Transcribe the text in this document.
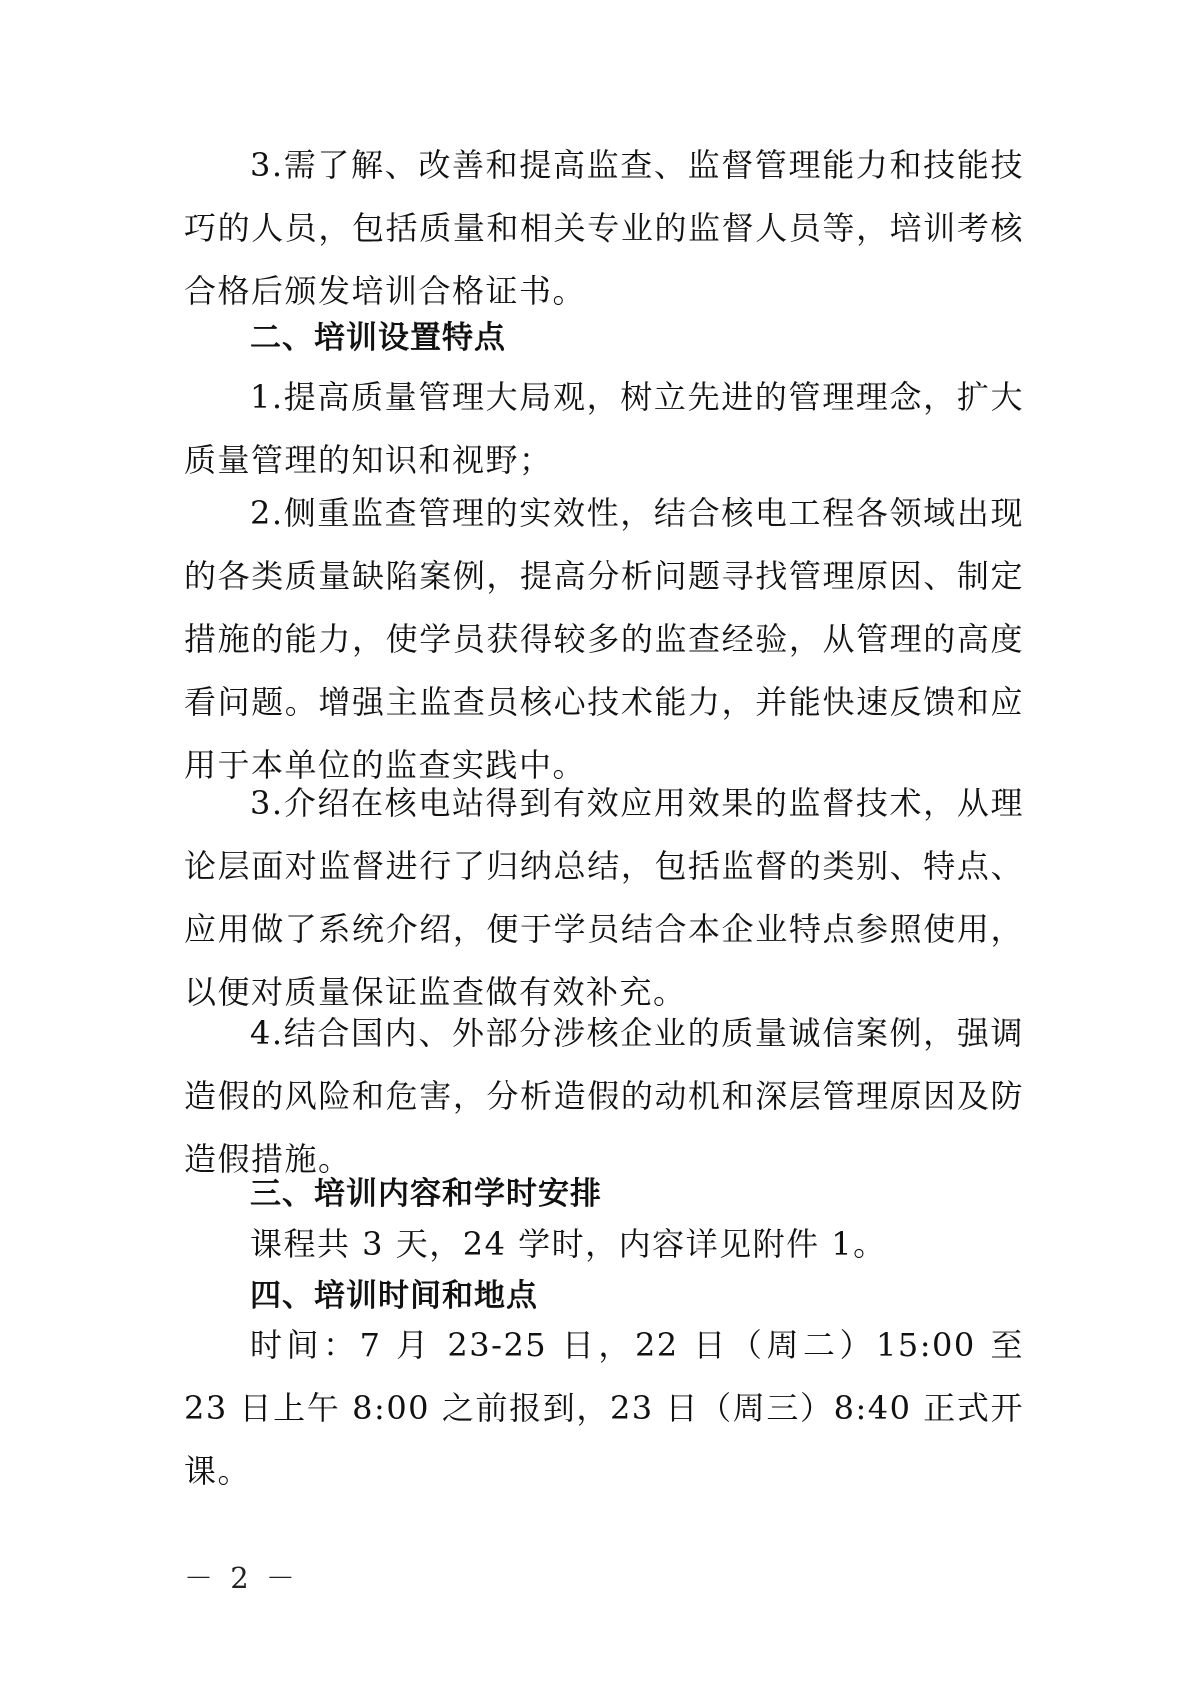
3.需了解、改善和提高监查、监督管理能力和技能技巧的人员，包括质量和相关专业的监督人员等，培训考核合格后颁发培训合格证书。

二、培训设置特点

1.提高质量管理大局观，树立先进的管理理念，扩大质量管理的知识和视野；

2.侧重监查管理的实效性，结合核电工程各领域出现的各类质量缺陷案例，提高分析问题寻找管理原因、制定措施的能力，使学员获得较多的监查经验，从管理的高度看问题。增强主监查员核心技术能力，并能快速反馈和应用于本单位的监查实践中。

3.介绍在核电站得到有效应用效果的监督技术，从理论层面对监督进行了归纳总结，包括监督的类别、特点、应用做了系统介绍，便于学员结合本企业特点参照使用，以便对质量保证监查做有效补充。

4.结合国内、外部分涉核企业的质量诚信案例，强调造假的风险和危害，分析造假的动机和深层管理原因及防造假措施。

三、培训内容和学时安排

课程共 3 天，24 学时，内容详见附件 1。

四、培训时间和地点

时间：7 月 23-25 日，22 日（周二）15:00 至 23 日上午 8:00 之前报到，23 日（周三）8:40 正式开课。

－ 2 －
